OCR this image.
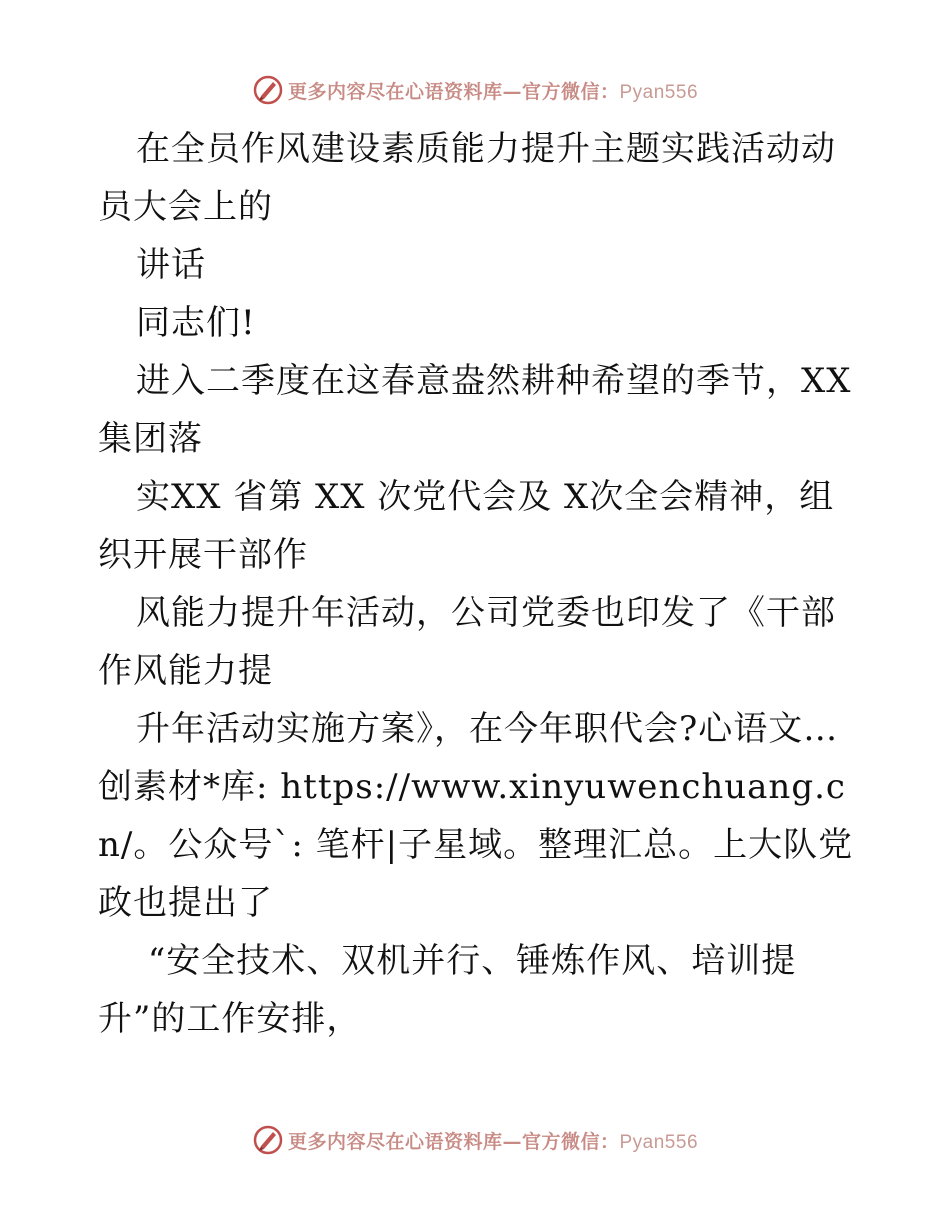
更多内容尽在心语资料库—官方微信：Pyan556

在全员作风建设素质能力提升主题实践活动动员大会上的

讲话

同志们!

进入二季度在这春意盎然耕种希望的季节，XX集团落

实XX 省第 XX 次党代会及 X次全会精神，组织开展干部作

风能力提升年活动，公司党委也印发了《干部作风能力提

升年活动实施方案》，在今年职代会?心语文…创素材*库: https://www.xinyuwenchuang.cn/。公众号`: 笔杆|子星域。整理汇总。上大队党政也提出了

“安全技术、双机并行、锤炼作风、培训提升”的工作安排，

更多内容尽在心语资料库—官方微信：Pyan556
